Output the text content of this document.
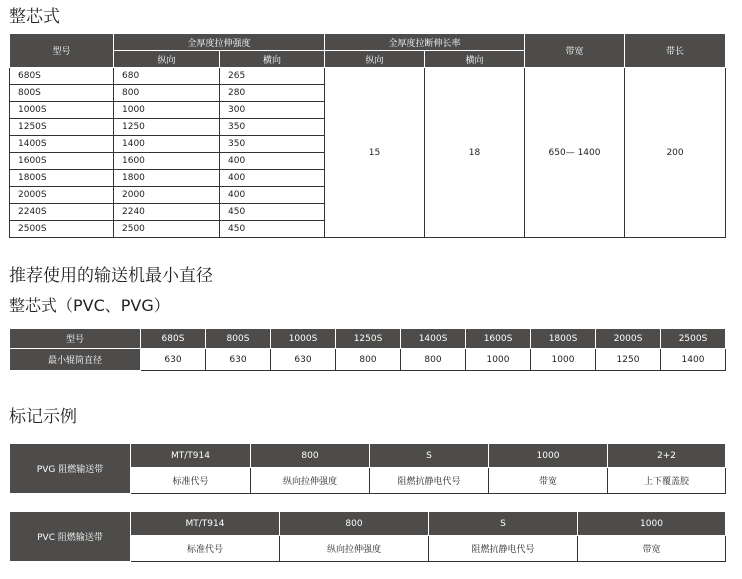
整芯式
型号	全厚度拉伸强度		全厚度拉断伸长率		带宽	带长
	纵向	横向	纵向	横向		
680S	680	265	15	18	650— 1400	200
800S	800	280				
1000S	1000	300				
1250S	1250	350				
1400S	1400	350				
1600S	1600	400				
1800S	1800	400				
2000S	2000	400				
2240S	2240	450				
2500S	2500	450				
推荐使用的输送机最小直径
整芯式（PVC、PVG）
型号	680S	800S	1000S	1250S	1400S	1600S	1800S	2000S	2500S
最小辊筒直径	630	630	630	800	800	1000	1000	1250	1400
标记示例
PVG 阻燃输送带	MT/T914	800	S	1000	2+2
	标准代号	纵向拉伸强度	阻燃抗静电代号	带宽	上下覆盖胶
PVC 阻燃输送带	MT/T914	800	S	1000
	标准代号	纵向拉伸强度	阻燃抗静电代号	带宽
